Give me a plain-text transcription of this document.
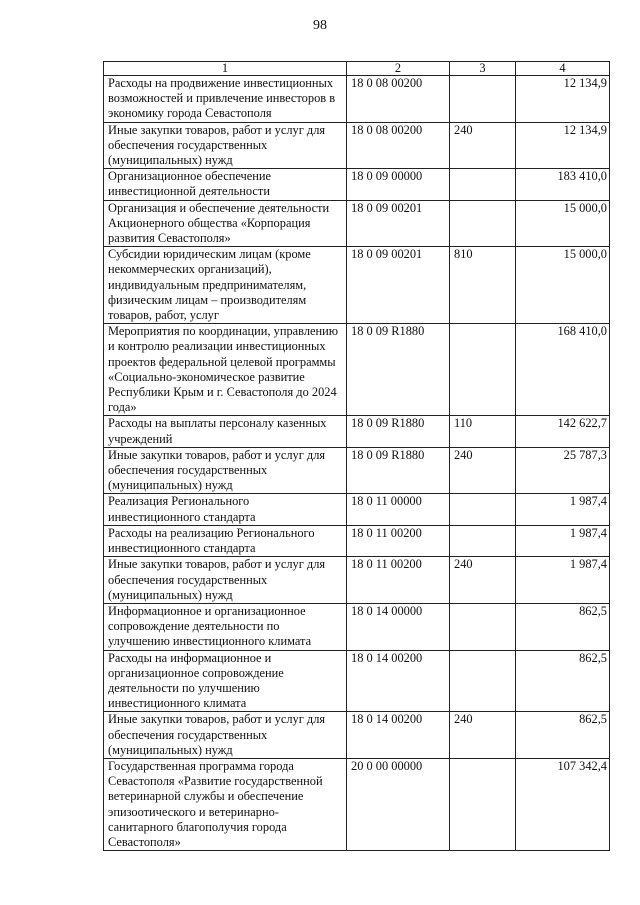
98
1	2	3	4
Расходы на продвижение инвестиционных возможностей и привлечение инвесторов в экономику города Севастополя	18 0 08 00200		12 134,9
Иные закупки товаров, работ и услуг для обеспечения государственных (муниципальных) нужд	18 0 08 00200	240	12 134,9
Организационное обеспечение инвестиционной деятельности	18 0 09 00000		183 410,0
Организация и обеспечение деятельности Акционерного общества «Корпорация развития Севастополя»	18 0 09 00201		15 000,0
Субсидии юридическим лицам (кроме некоммерческих организаций), индивидуальным предпринимателям, физическим лицам – производителям товаров, работ, услуг	18 0 09 00201	810	15 000,0
Мероприятия по координации, управлению и контролю реализации инвестиционных проектов федеральной целевой программы «Социально-экономическое развитие Республики Крым и г. Севастополя до 2024 года»	18 0 09 R1880		168 410,0
Расходы на выплаты персоналу казенных учреждений	18 0 09 R1880	110	142 622,7
Иные закупки товаров, работ и услуг для обеспечения государственных (муниципальных) нужд	18 0 09 R1880	240	25 787,3
Реализация Регионального инвестиционного стандарта	18 0 11 00000		1 987,4
Расходы на реализацию Регионального инвестиционного стандарта	18 0 11 00200		1 987,4
Иные закупки товаров, работ и услуг для обеспечения государственных (муниципальных) нужд	18 0 11 00200	240	1 987,4
Информационное и организационное сопровождение деятельности по улучшению инвестиционного климата	18 0 14 00000		862,5
Расходы на информационное и организационное сопровождение деятельности по улучшению инвестиционного климата	18 0 14 00200		862,5
Иные закупки товаров, работ и услуг для обеспечения государственных (муниципальных) нужд	18 0 14 00200	240	862,5
Государственная программа города Севастополя «Развитие государственной ветеринарной службы и обеспечение эпизоотического и ветеринарно-санитарного благополучия города Севастополя»	20 0 00 00000		107 342,4
